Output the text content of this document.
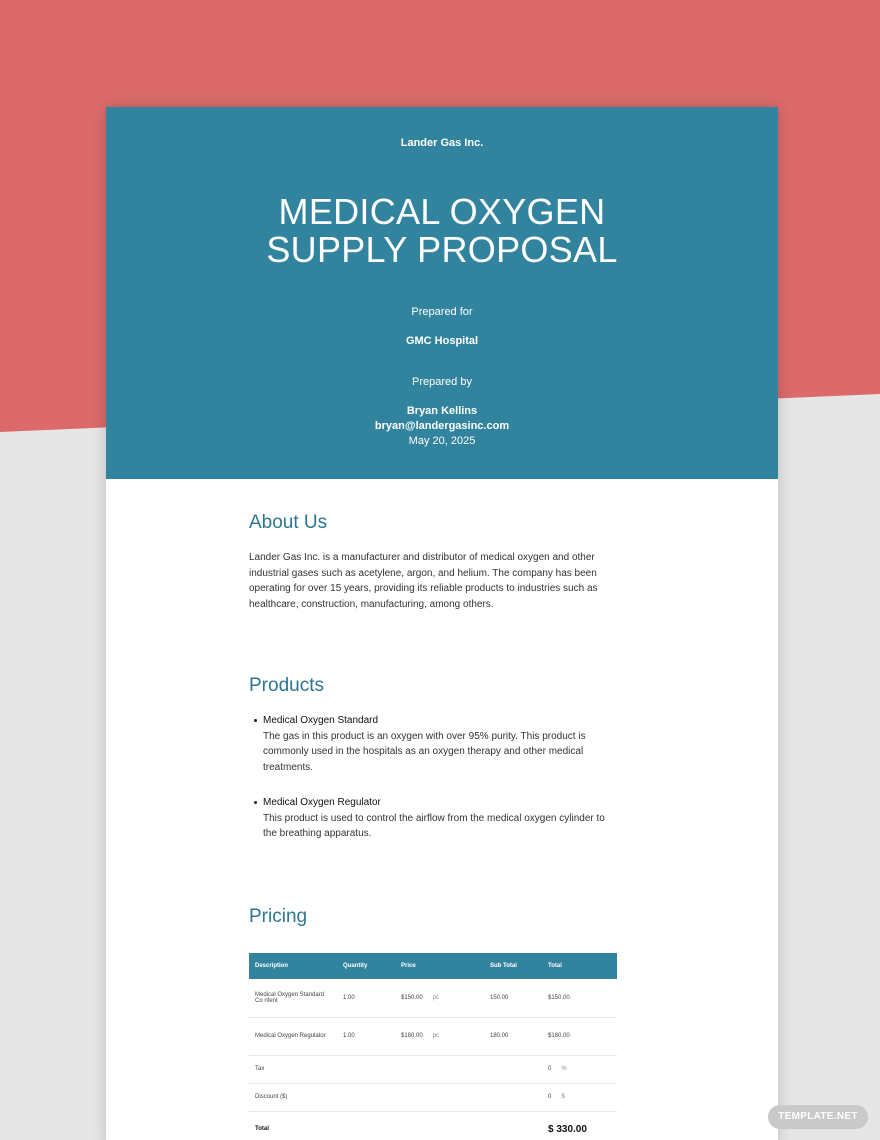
Lander Gas Inc.
MEDICAL OXYGEN
SUPPLY PROPOSAL
Prepared for
GMC Hospital
Prepared by
Bryan Kellins
bryan@landergasinc.com
May 20, 2025
About Us

Lander Gas Inc. is a manufacturer and distributor of medical oxygen and other industrial gases such as acetylene, argon, and helium. The company has been operating for over 15 years, providing its reliable products to industries such as healthcare, construction, manufacturing, among others.

Products
Medical Oxygen Standard
The gas in this product is an oxygen with over 95% purity. This product is commonly used in the hospitals as an oxygen therapy and other medical treatments.
Medical Oxygen Regulator
This product is used to control the airflow from the medical oxygen cylinder to the breathing apparatus.
Pricing
Description	Quantity	Price	Sub Total	Total
Medical Oxygen Standard Co nfent	1.00	$150.00 pc	150.00	$150.00
Medical Oxygen Regulator	1.00	$180.00 pc	180.00	$180.00
Tax				0 %
Discount ($)				0 $
Total				$ 330.00
TEMPLATE.NET
